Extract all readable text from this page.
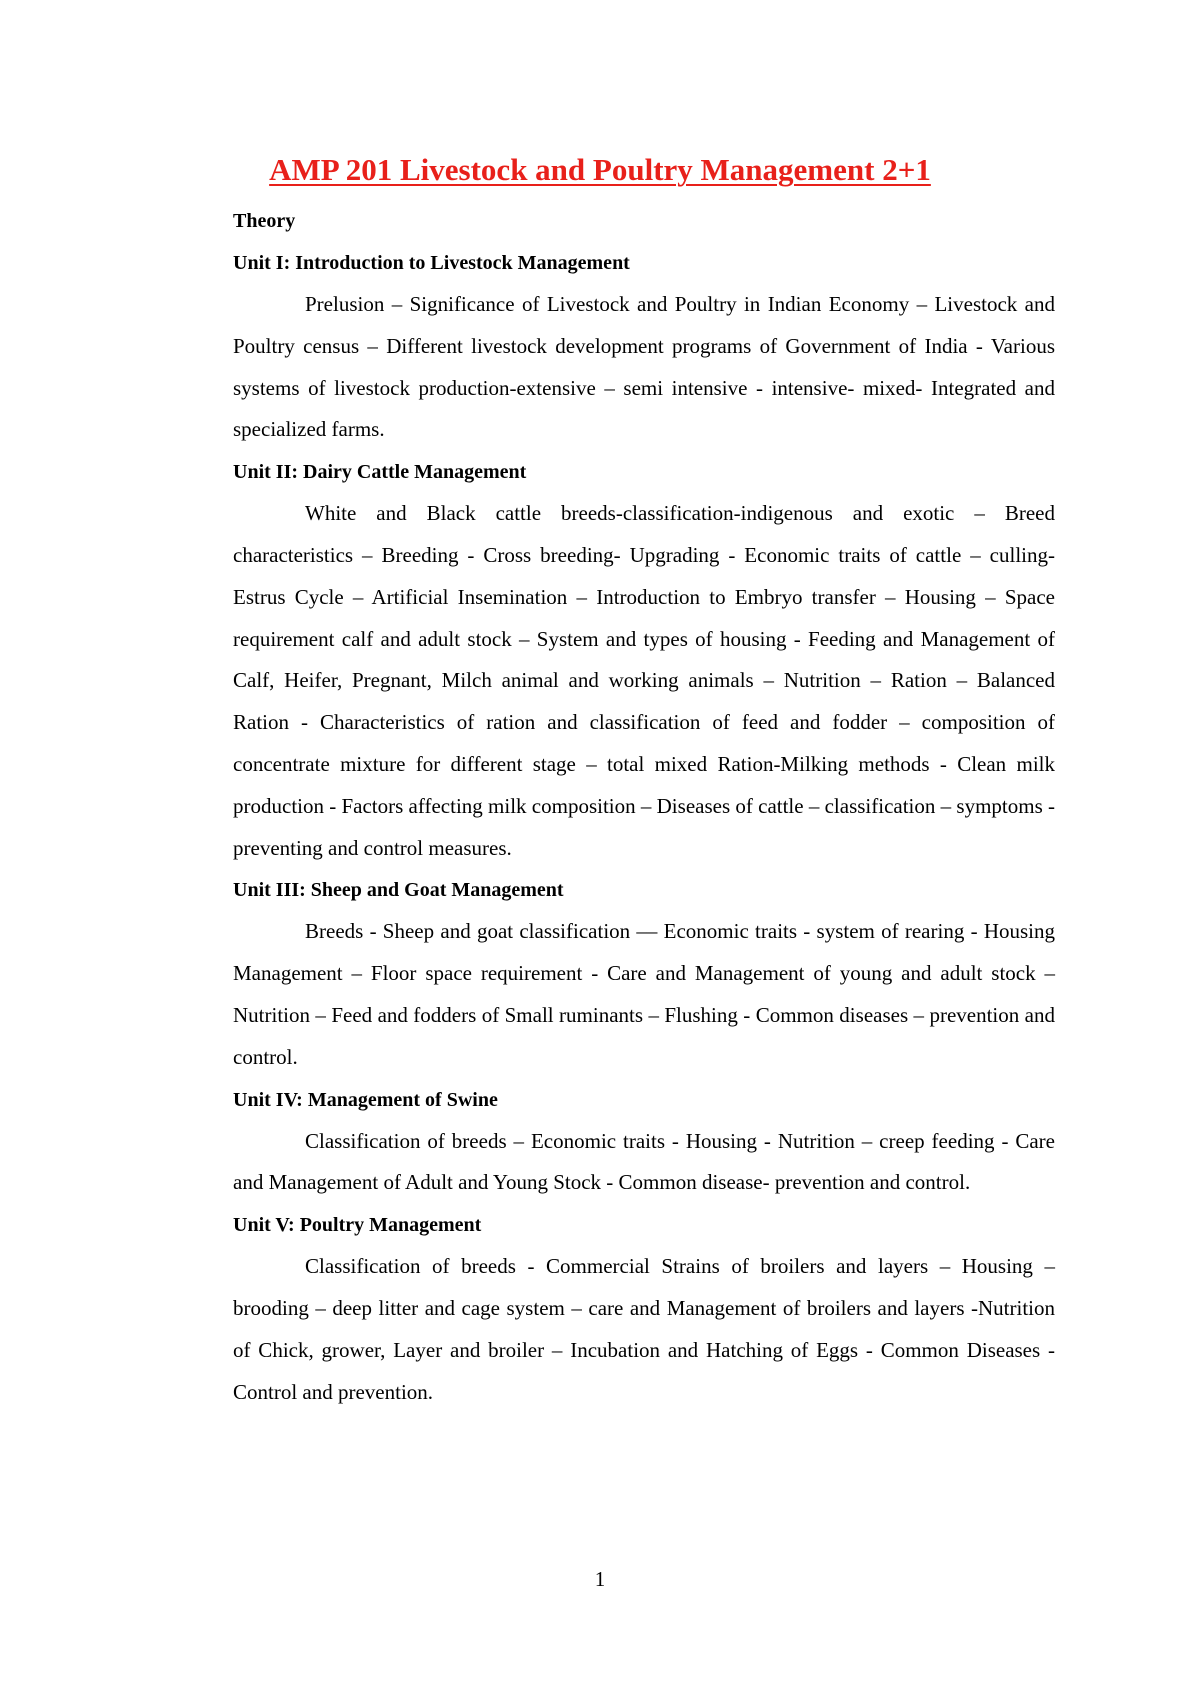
AMP 201 Livestock and Poultry Management 2+1

Theory

Unit I: Introduction to Livestock Management

Prelusion – Significance of Livestock and Poultry in Indian Economy – Livestock and Poultry census – Different livestock development programs of Government of India - Various systems of livestock production-extensive – semi intensive - intensive- mixed- Integrated and specialized farms.

Unit II: Dairy Cattle Management

White and Black cattle breeds-classification-indigenous and exotic – Breed characteristics – Breeding - Cross breeding- Upgrading - Economic traits of cattle – culling-Estrus Cycle – Artificial Insemination – Introduction to Embryo transfer – Housing – Space requirement calf and adult stock – System and types of housing - Feeding and Management of Calf, Heifer, Pregnant, Milch animal and working animals – Nutrition – Ration – Balanced Ration - Characteristics of ration and classification of feed and fodder – composition of concentrate mixture for different stage – total mixed Ration-Milking methods - Clean milk production - Factors affecting milk composition – Diseases of cattle – classification – symptoms - preventing and control measures.

Unit III: Sheep and Goat Management

Breeds - Sheep and goat classification –– Economic traits - system of rearing - Housing Management – Floor space requirement - Care and Management of young and adult stock – Nutrition – Feed and fodders of Small ruminants – Flushing - Common diseases – prevention and control.

Unit IV: Management of Swine

Classification of breeds – Economic traits - Housing - Nutrition – creep feeding - Care and Management of Adult and Young Stock - Common disease- prevention and control.

Unit V: Poultry Management

Classification of breeds - Commercial Strains of broilers and layers – Housing – brooding – deep litter and cage system – care and Management of broilers and layers -Nutrition of Chick, grower, Layer and broiler – Incubation and Hatching of Eggs - Common Diseases - Control and prevention.

1
